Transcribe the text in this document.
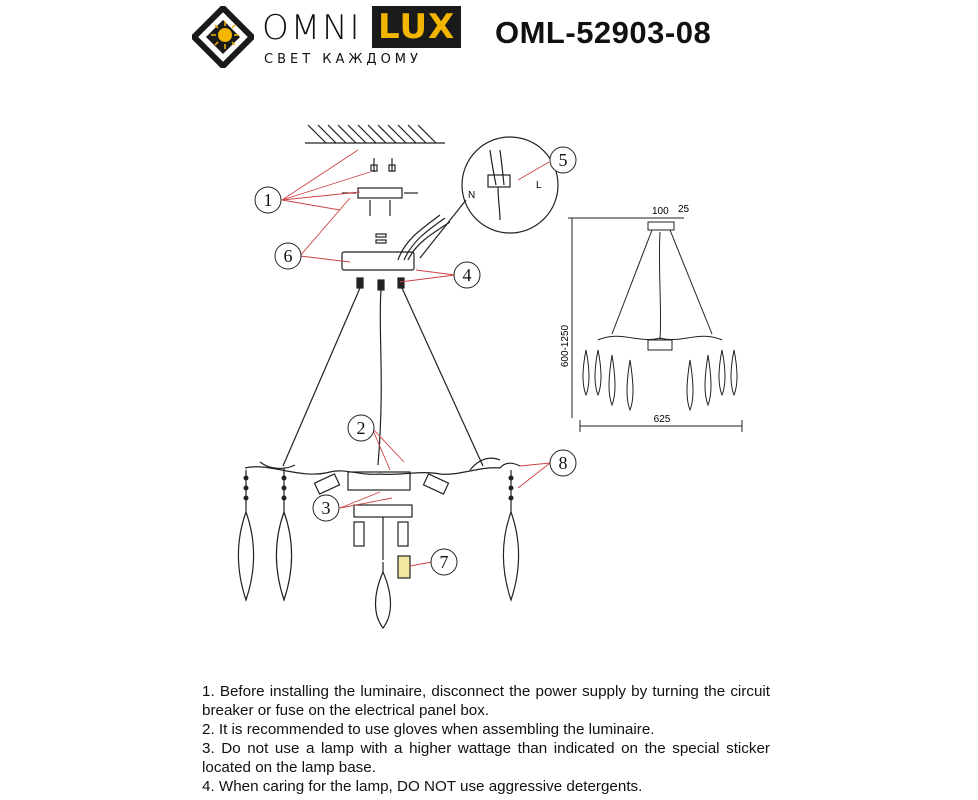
OMNI LUX
СВЕТ КАЖДОМУ
OML-52903-08
N
L
1
6
4
5
2
3
7
8
100 25
600-1250
625

1. Before installing the luminaire, disconnect the power supply by turning the circuit breaker or fuse on the electrical panel box.

2. It is recommended to use gloves when assembling the luminaire.

3. Do not use a lamp with a higher wattage than indicated on the special sticker located on the lamp base.

4. When caring for the lamp, DO NOT use aggressive detergents.
